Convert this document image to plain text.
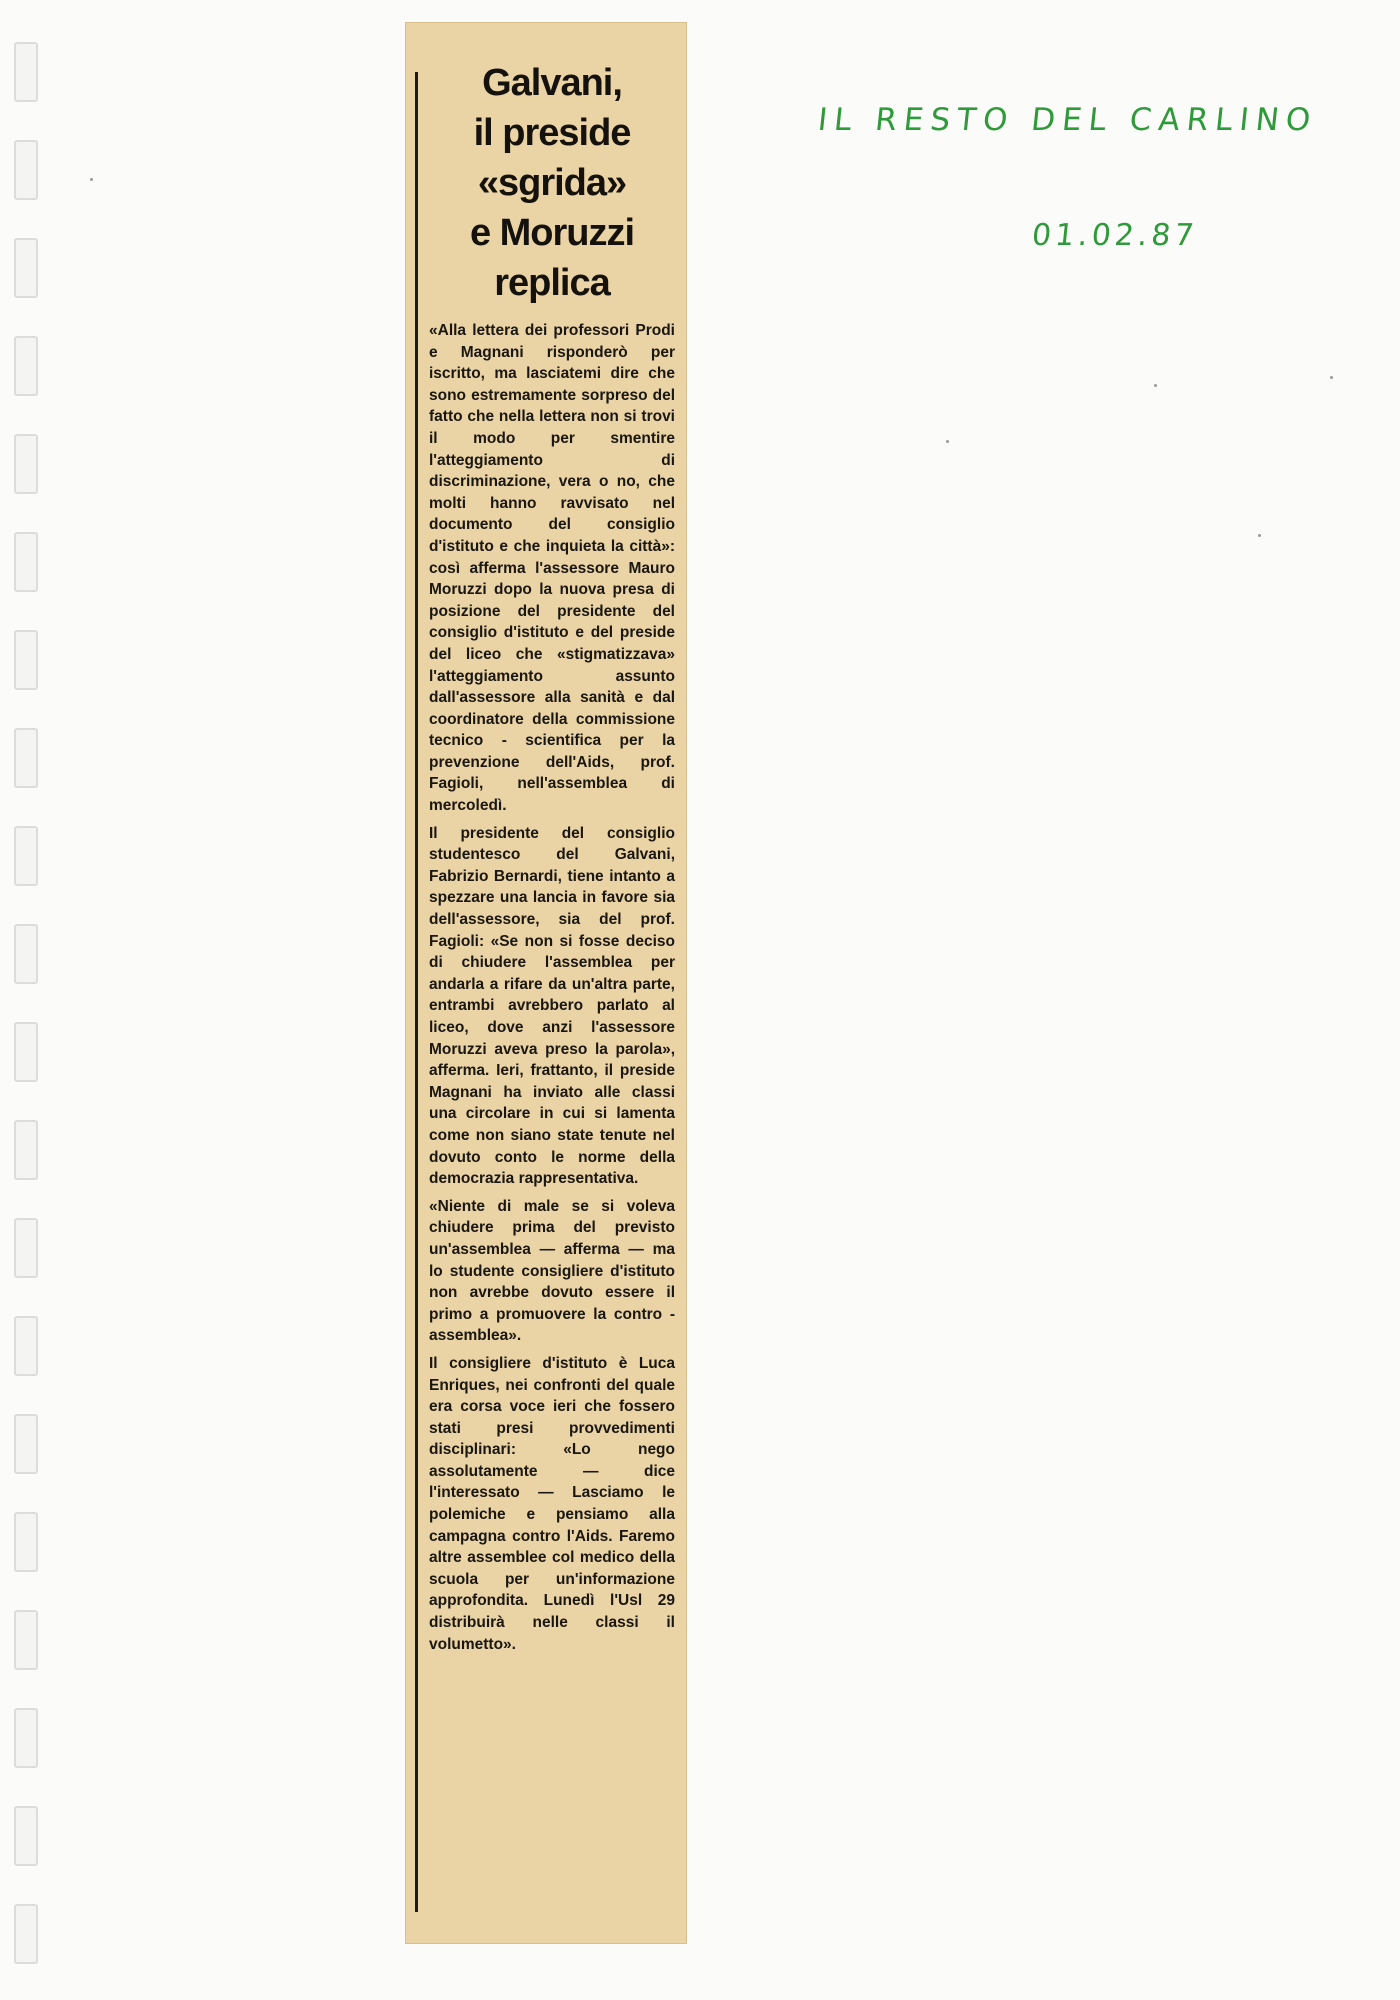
Galvani,
il preside
«sgrida»
e Moruzzi
replica

«Alla lettera dei professori Prodi e Magnani risponderò per iscritto, ma lasciatemi dire che sono estremamente sorpreso del fatto che nella lettera non si trovi il modo per smentire l'atteggiamento di discriminazione, vera o no, che molti hanno ravvisato nel documento del consiglio d'istituto e che inquieta la città»: così afferma l'assessore Mauro Moruzzi dopo la nuova presa di posizione del presidente del consiglio d'istituto e del preside del liceo che «stigmatizzava» l'atteggiamento assunto dall'assessore alla sanità e dal coordinatore della commissione tecnico - scientifica per la prevenzione dell'Aids, prof. Fagioli, nell'assemblea di mercoledì.

Il presidente del consiglio studentesco del Galvani, Fabrizio Bernardi, tiene intanto a spezzare una lancia in favore sia dell'assessore, sia del prof. Fagioli: «Se non si fosse deciso di chiudere l'assemblea per andarla a rifare da un'altra parte, entrambi avrebbero parlato al liceo, dove anzi l'assessore Moruzzi aveva preso la parola», afferma. Ieri, frattanto, il preside Magnani ha inviato alle classi una circolare in cui si lamenta come non siano state tenute nel dovuto conto le norme della democrazia rappresentativa.

«Niente di male se si voleva chiudere prima del previsto un'assemblea — afferma — ma lo studente consigliere d'istituto non avrebbe dovuto essere il primo a promuovere la contro - assemblea».

Il consigliere d'istituto è Luca Enriques, nei confronti del quale era corsa voce ieri che fossero stati presi provvedimenti disciplinari: «Lo nego assolutamente — dice l'interessato — Lasciamo le polemiche e pensiamo alla campagna contro l'Aids. Faremo altre assemblee col medico della scuola per un'informazione approfondita. Lunedì l'Usl 29 distribuirà nelle classi il volumetto».

IL RESTO DEL CARLINO
01.02.87
